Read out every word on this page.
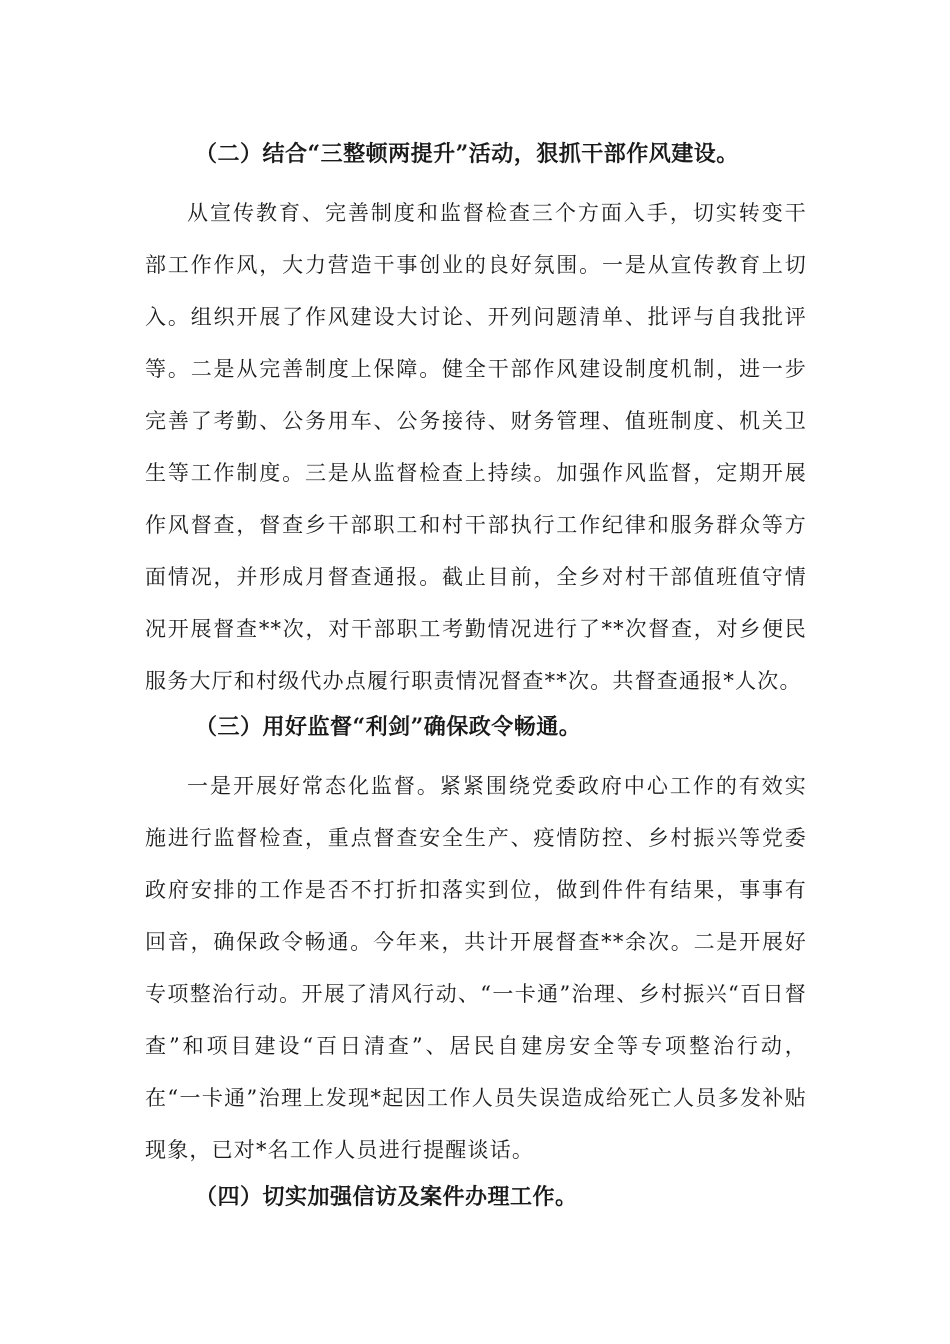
（二）结合“三整顿两提升”活动，狠抓干部作风建设。
从宣传教育、完善制度和监督检查三个方面入手，切实转变干部工作作风，大力营造干事创业的良好氛围。一是从宣传教育上切入。组织开展了作风建设大讨论、开列问题清单、批评与自我批评等。二是从完善制度上保障。健全干部作风建设制度机制，进一步完善了考勤、公务用车、公务接待、财务管理、值班制度、机关卫生等工作制度。三是从监督检查上持续。加强作风监督，定期开展作风督查，督查乡干部职工和村干部执行工作纪律和服务群众等方面情况，并形成月督查通报。截止目前，全乡对村干部值班值守情况开展督查**次，对干部职工考勤情况进行了**次督查，对乡便民服务大厅和村级代办点履行职责情况督查**次。共督查通报*人次。
（三）用好监督“利剑”确保政令畅通。
一是开展好常态化监督。紧紧围绕党委政府中心工作的有效实施进行监督检查，重点督查安全生产、疫情防控、乡村振兴等党委政府安排的工作是否不打折扣落实到位，做到件件有结果，事事有回音，确保政令畅通。今年来，共计开展督查**余次。二是开展好专项整治行动。开展了清风行动、“一卡通”治理、乡村振兴“百日督查”和项目建设“百日清查”、居民自建房安全等专项整治行动，在“一卡通”治理上发现*起因工作人员失误造成给死亡人员多发补贴现象，已对*名工作人员进行提醒谈话。
（四）切实加强信访及案件办理工作。
